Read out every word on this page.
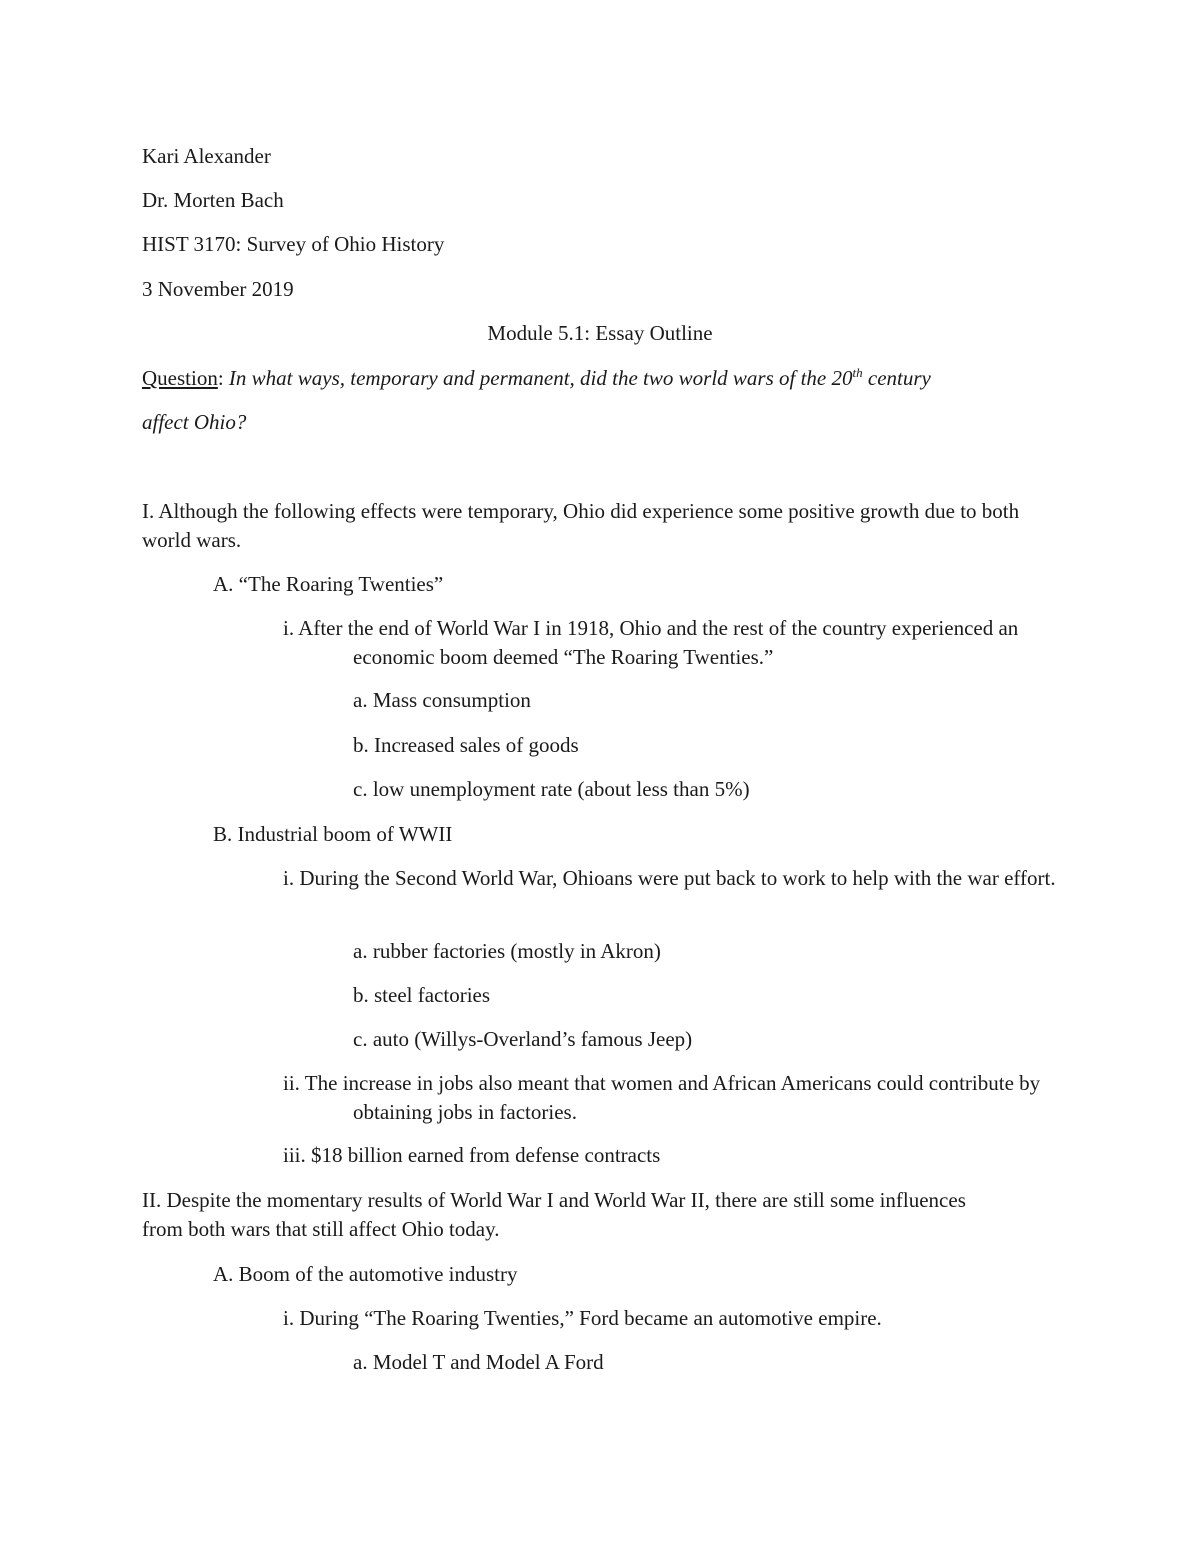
Kari Alexander
Dr. Morten Bach
HIST 3170: Survey of Ohio History
3 November 2019
Module 5.1: Essay Outline
Question: In what ways, temporary and permanent, did the two world wars of the 20th century
affect Ohio?
I. Although the following effects were temporary, Ohio did experience some positive growth due to both world wars.
A. “The Roaring Twenties”
i. After the end of World War I in 1918, Ohio and the rest of the country experienced an economic boom deemed “The Roaring Twenties.”
a. Mass consumption
b. Increased sales of goods
c. low unemployment rate (about less than 5%)
B. Industrial boom of WWII
i. During the Second World War, Ohioans were put back to work to help with the war effort.
a. rubber factories (mostly in Akron)
b. steel factories
c. auto (Willys-Overland’s famous Jeep)
ii. The increase in jobs also meant that women and African Americans could contribute by obtaining jobs in factories.
iii. $18 billion earned from defense contracts
II. Despite the momentary results of World War I and World War II, there are still some influences from both wars that still affect Ohio today.
A. Boom of the automotive industry
i. During “The Roaring Twenties,” Ford became an automotive empire.
a. Model T and Model A Ford
